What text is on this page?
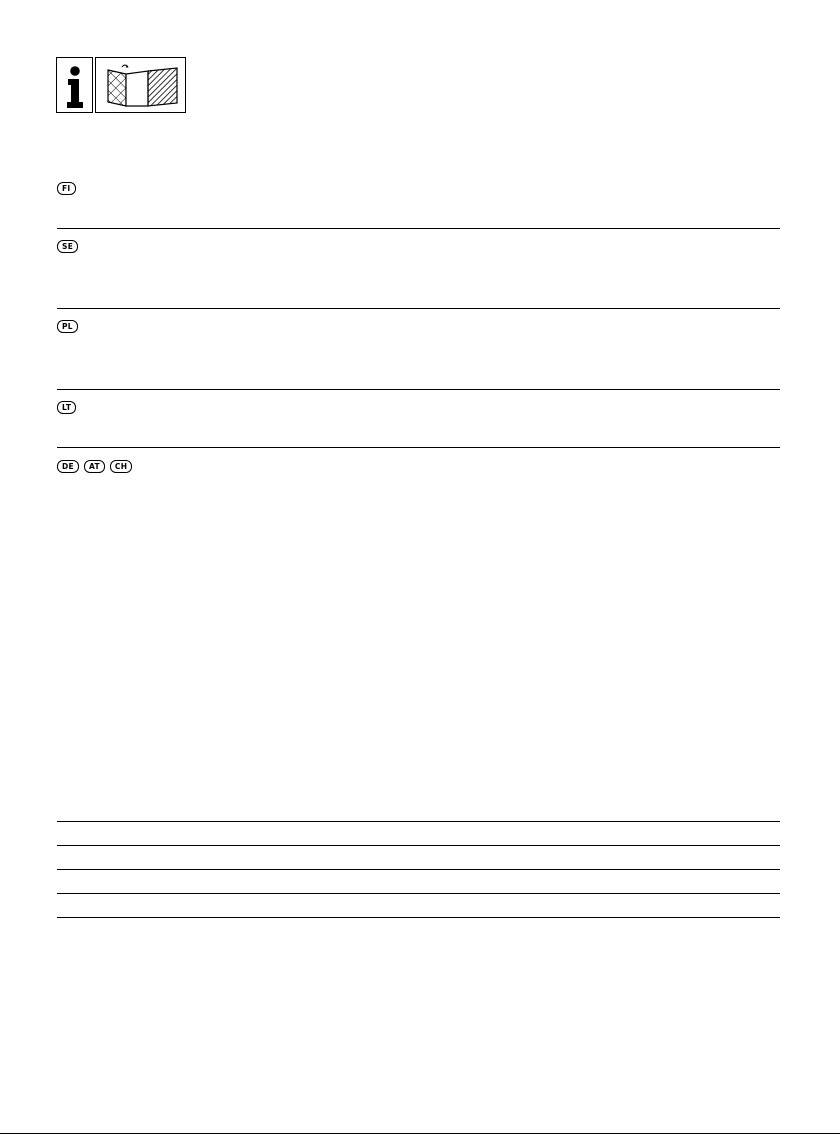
FI
SE
PL
LT
DE	AT	CH
